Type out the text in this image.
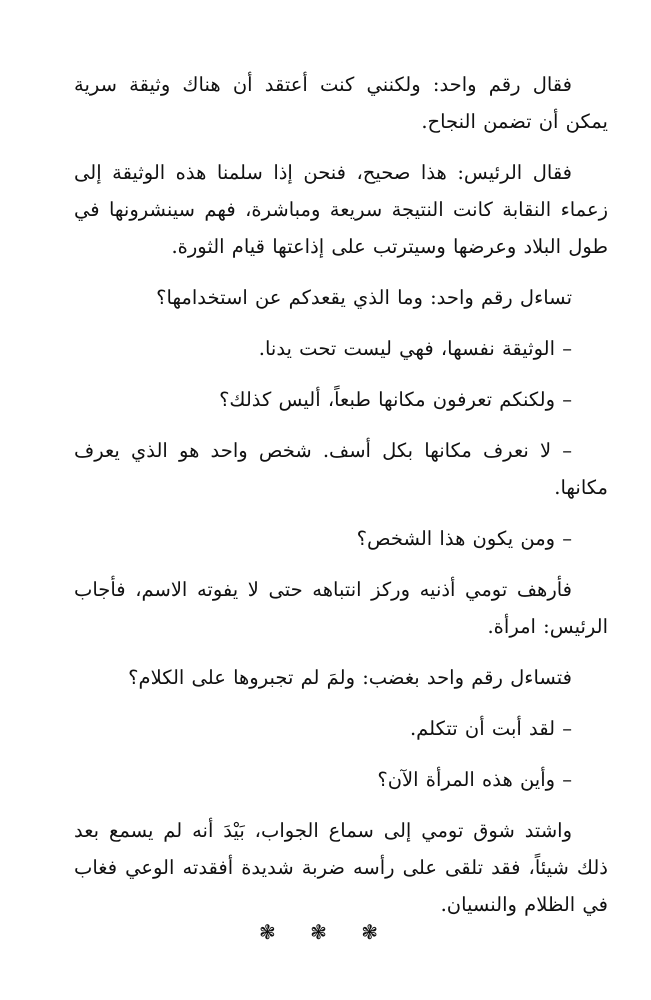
فقال رقم واحد: ولكنني كنت أعتقد أن هناك وثيقة سرية يمكن أن تضمن النجاح.

فقال الرئيس: هذا صحيح، فنحن إذا سلمنا هذه الوثيقة إلى زعماء النقابة كانت النتيجة سريعة ومباشرة، فهم سينشرونها في طول البلاد وعرضها وسيترتب على إذاعتها قيام الثورة.

تساءل رقم واحد: وما الذي يقعدكم عن استخدامها؟

– الوثيقة نفسها، فهي ليست تحت يدنا.

– ولكنكم تعرفون مكانها طبعاً، أليس كذلك؟

– لا نعرف مكانها بكل أسف. شخص واحد هو الذي يعرف مكانها.

– ومن يكون هذا الشخص؟

فأرهف تومي أذنيه وركز انتباهه حتى لا يفوته الاسم، فأجاب الرئيس: امرأة.

فتساءل رقم واحد بغضب: ولمَ لم تجبروها على الكلام؟

– لقد أبت أن تتكلم.

– وأين هذه المرأة الآن؟

واشتد شوق تومي إلى سماع الجواب، بَيْدَ أنه لم يسمع بعد ذلك شيئاً، فقد تلقى على رأسه ضربة شديدة أفقدته الوعي فغاب في الظلام والنسيان.

❃ ❃ ❃
